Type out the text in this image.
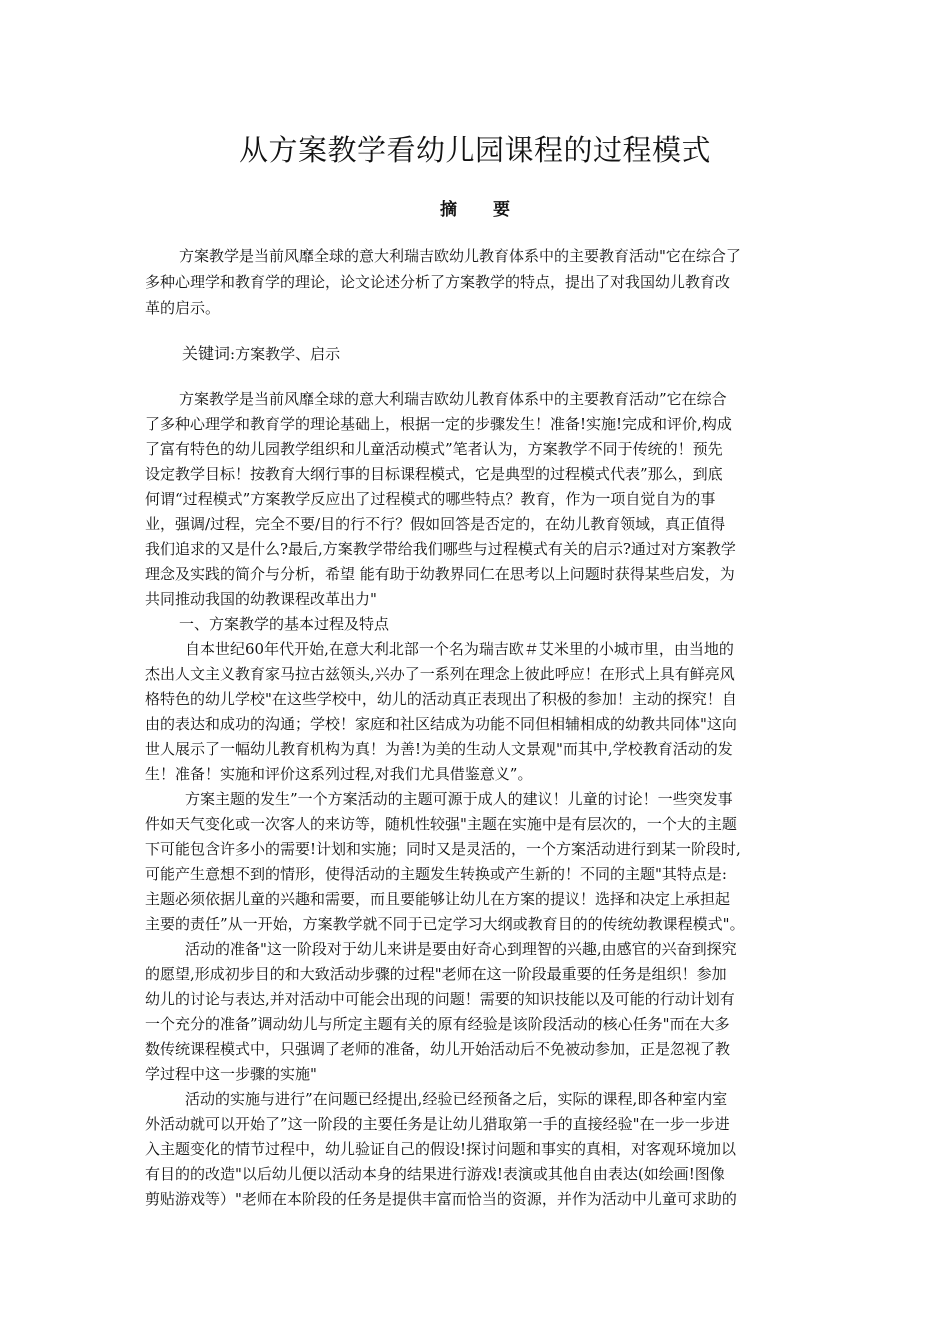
从方案教学看幼儿园课程的过程模式
摘要
方案教学是当前风靡全球的意大利瑞吉欧幼儿教育体系中的主要教育活动"它在综合了
多种心理学和教育学的理论，论文论述分析了方案教学的特点，提出了对我国幼儿教育改
革的启示。
关键词:方案教学、启示
方案教学是当前风靡全球的意大利瑞吉欧幼儿教育体系中的主要教育活动”它在综合
了多种心理学和教育学的理论基础上，根据一定的步骤发生！准备!实施!完成和评价,构成
了富有特色的幼儿园教学组织和儿童活动模式”笔者认为，方案教学不同于传统的！预先
设定教学目标！按教育大纲行事的目标课程模式，它是典型的过程模式代表”那么，到底
何谓“过程模式”方案教学反应出了过程模式的哪些特点？教育，作为一项自觉自为的事
业，强调/过程，完全不要/目的行不行？假如回答是否定的，在幼儿教育领域，真正值得
我们追求的又是什么?最后,方案教学带给我们哪些与过程模式有关的启示?通过对方案教学
理念及实践的简介与分析，希望 能有助于幼教界同仁在思考以上问题时获得某些启发，为
共同推动我国的幼教课程改革出力"
一、方案教学的基本过程及特点
自本世纪60年代开始,在意大利北部一个名为瑞吉欧＃艾米里的小城市里，由当地的
杰出人文主义教育家马拉古兹领头,兴办了一系列在理念上彼此呼应！在形式上具有鲜亮风
格特色的幼儿学校"在这些学校中，幼儿的活动真正表现出了积极的参加！主动的探究！自
由的表达和成功的沟通；学校！家庭和社区结成为功能不同但相辅相成的幼教共同体"这向
世人展示了一幅幼儿教育机构为真！为善!为美的生动人文景观"而其中,学校教育活动的发
生！准备！实施和评价这系列过程,对我们尤具借鉴意义”。
方案主题的发生”一个方案活动的主题可源于成人的建议！儿童的讨论！一些突发事
件如天气变化或一次客人的来访等，随机性较强"主题在实施中是有层次的，一个大的主题
下可能包含许多小的需要!计划和实施；同时又是灵活的，一个方案活动进行到某一阶段时,
可能产生意想不到的情形，使得活动的主题发生转换或产生新的！不同的主题"其特点是:
主题必须依据儿童的兴趣和需要，而且要能够让幼儿在方案的提议！选择和决定上承担起
主要的责任”从一开始，方案教学就不同于已定学习大纲或教育目的的传统幼教课程模式"。
活动的准备"这一阶段对于幼儿来讲是要由好奇心到理智的兴趣,由感官的兴奋到探究
的愿望,形成初步目的和大致活动步骤的过程"老师在这一阶段最重要的任务是组织！参加
幼儿的讨论与表达,并对活动中可能会出现的问题！需要的知识技能以及可能的行动计划有
一个充分的准备”调动幼儿与所定主题有关的原有经验是该阶段活动的核心任务"而在大多
数传统课程模式中，只强调了老师的准备，幼儿开始活动后不免被动参加，正是忽视了教
学过程中这一步骤的实施"
活动的实施与进行”在问题已经提出,经验已经预备之后，实际的课程,即各种室内室
外活动就可以开始了”这一阶段的主要任务是让幼儿猎取第一手的直接经验"在一步一步进
入主题变化的情节过程中，幼儿验证自己的假设!探讨问题和事实的真相，对客观环境加以
有目的的改造"以后幼儿便以活动本身的结果进行游戏!表演或其他自由表达(如绘画!图像
剪贴游戏等）"老师在本阶段的任务是提供丰富而恰当的资源，并作为活动中儿童可求助的
